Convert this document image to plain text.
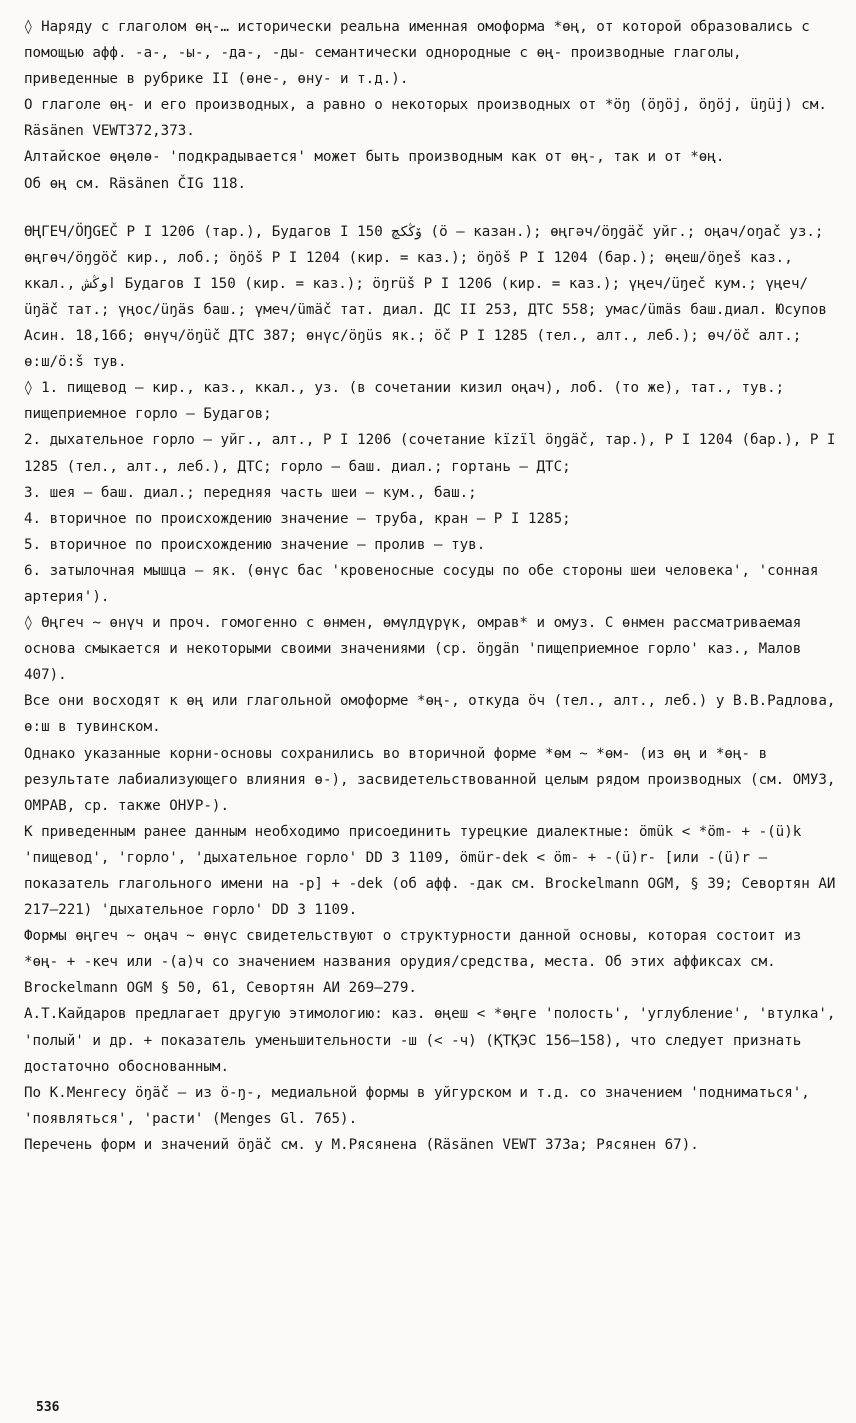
◊ Наряду с глаголом өң-… исторически реальна именная омоформа *өң, от которой образовались с помощью афф. -а-, -ы-, -да-, -ды- семантически однородные с өң- производные глаголы, приведенные в рубрике II (өне-, өну- и т.д.).

О глаголе өң- и его производных, а равно о некоторых производных от *öŋ (öŋöj, öŋöj, üŋüj) см. Räsänen VEWT372,373.

Алтайское өңөлө- 'подкрадывается' может быть производным как от өң-, так и от *өң.

Об өң см. Räsänen ČIG 118.

ӨҢГЕЧ/ÖŊGEČ Р I 1206 (тар.), Будагов I 150 ۆڭكچ (ö – казан.); өңгәч/öŋgäč уйг.; оңач/oŋač уз.; өңгөч/öŋgöč кир., лоб.; öŋöš Р I 1204 (кир. = каз.); öŋöš Р I 1204 (бар.); өңеш/öŋeš каз., ккал., اوڭش Будагов I 150 (кир. = каз.); öŋrüš Р I 1206 (кир. = каз.); үңеч/üŋeč кум.; үңеч/üŋäč тат.; үңос/üŋäs баш.; үмеч/ümäč тат. диал. ДС II 253, ДТС 558; умас/ümäs баш.диал. Юсупов Асин. 18,166; өнүч/öŋüč ДТС 387; өнүс/öŋüs як.; öč Р I 1285 (тел., алт., леб.); өч/öč алт.; ө:ш/ö:š тув.

◊ 1. пищевод – кир., каз., ккал., уз. (в сочетании кизил оңач), лоб. (то же), тат., тув.; пищеприемное горло – Будагов;

2. дыхательное горло – уйг., алт., Р I 1206 (сочетание kïzïl öŋgäč, тар.), Р I 1204 (бар.), Р I 1285 (тел., алт., леб.), ДТС; горло – баш. диал.; гортань – ДТС;

3. шея – баш. диал.; передняя часть шеи – кум., баш.;

4. вторичное по происхождению значение – труба, кран – Р I 1285;

5. вторичное по происхождению значение – пролив – тув.

6. затылочная мышца – як. (өнүс бас 'кровеносные сосуды по обе стороны шеи человека', 'сонная артерия').

◊ Өңгеч ~ өнүч и проч. гомогенно с өнмен, өмүлдүрүк, омрав* и омуз. С өнмен рассматриваемая основа смыкается и некоторыми своими значениями (ср. öŋgän 'пищеприемное горло' каз., Малов 407).

Все они восходят к өң или глагольной омоформе *өң-, откуда öч (тел., алт., леб.) у В.В.Радлова, ө:ш в тувинском.

Однако указанные корни-основы сохранились во вторичной форме *өм ~ *өм- (из өң и *өң- в результате лабиализующего влияния ө-), засвидетельствованной целым рядом производных (см. ОМУЗ, ОМРАВ, ср. также ОНУР-).

К приведенным ранее данным необходимо присоединить турецкие диалектные: ömük < *öm- + -(ü)k 'пищевод', 'горло', 'дыхательное горло' DD 3 1109, ömür-dek < öm- + -(ü)r- [или -(ü)r – показатель глагольного имени на -р] + -dek (об афф. -дак см. Brockelmann OGM, § 39; Севортян АИ 217–221) 'дыхательное горло' DD 3 1109.

Формы өңгеч ~ оңач ~ өнүс свидетельствуют о структурности данной основы, которая состоит из *өң- + -кеч или -(а)ч со значением названия орудия/средства, места. Об этих аффиксах см. Brockelmann OGM § 50, 61, Севортян АИ 269–279.

А.Т.Кайдаров предлагает другую этимологию: каз. өңеш < *өңге 'полость', 'углубление', 'втулка', 'полый' и др. + показатель уменьшительности -ш (< -ч) (ҚТҚЭС 156–158), что следует признать достаточно обоснованным.

По К.Менгесу öŋäč – из ö-ŋ-, медиальной формы в уйгурском и т.д. со значением 'подниматься', 'появляться', 'расти' (Menges Gl. 765).

Перечень форм и значений öŋäč см. у М.Рясянена (Räsänen VEWT 373a; Рясянен 67).

536
